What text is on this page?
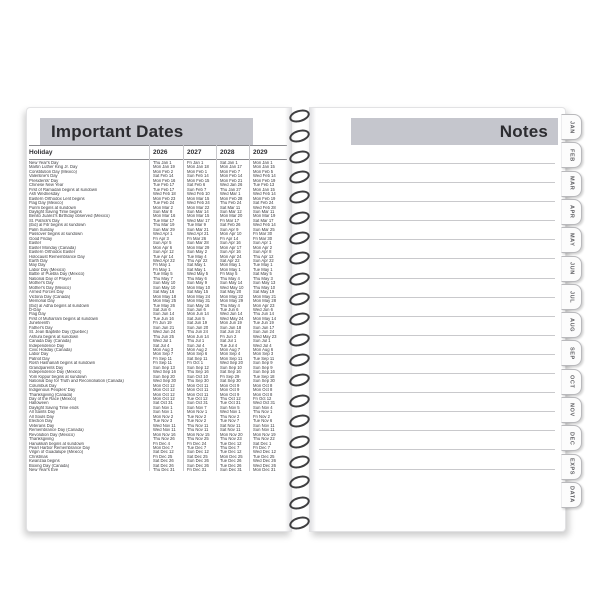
Important Dates
Holiday	2026	2027	2028	2029
New Year's Day	Thu Jan 1	Fri Jan 1	Sat Jan 1	Mon Jan 1
Martin Luther King Jr. Day	Mon Jan 19	Mon Jan 18	Mon Jan 17	Mon Jan 15
Constitution Day (Mexico)	Mon Feb 2	Mon Feb 1	Mon Feb 7	Mon Feb 5
Valentine's Day	Sat Feb 14	Sun Feb 14	Mon Feb 14	Wed Feb 14
Presidents' Day	Mon Feb 16	Mon Feb 15	Mon Feb 21	Mon Feb 19
Chinese New Year	Tue Feb 17	Sat Feb 6	Wed Jan 26	Tue Feb 13
First of Ramadan begins at sundown	Tue Feb 17	Sun Feb 7	Thu Jan 27	Mon Jan 15
Ash Wednesday	Wed Feb 18	Wed Feb 10	Wed Mar 1	Wed Feb 14
Eastern Orthodox Lent begins	Mon Feb 23	Mon Mar 15	Mon Feb 28	Mon Feb 19
Flag Day (Mexico)	Tue Feb 24	Wed Feb 24	Thu Feb 24	Sat Feb 24
Purim begins at sundown	Mon Mar 2	Mon Mar 22	Sat Mar 11	Wed Feb 28
Daylight Saving Time begins	Sun Mar 8	Sun Mar 14	Sun Mar 12	Sun Mar 11
Benito Juárez's Birthday observed (Mexico)	Mon Mar 16	Mon Mar 15	Mon Mar 20	Mon Mar 19
St. Patrick's Day	Tue Mar 17	Wed Mar 17	Fri Mar 17	Sat Mar 17
(Eid) al Fitr begins at sundown	Thu Mar 19	Tue Mar 9	Sat Feb 26	Wed Feb 14
Palm Sunday	Sun Mar 29	Sun Mar 21	Sun Apr 9	Sun Mar 25
Passover begins at sundown	Wed Apr 1	Wed Apr 21	Mon Apr 10	Fri Mar 30
Good Friday	Fri Apr 3	Fri Mar 26	Fri Apr 14	Fri Mar 30
Easter	Sun Apr 5	Sun Mar 28	Sun Apr 16	Sun Apr 1
Easter Monday (Canada)	Mon Apr 6	Mon Mar 29	Mon Apr 17	Mon Apr 2
Eastern Orthodox Easter	Sun Apr 12	Sun May 2	Sun Apr 16	Sun Apr 8
Holocaust Remembrance Day	Tue Apr 14	Tue May 4	Mon Apr 24	Thu Apr 12
Earth Day	Wed Apr 22	Thu Apr 22	Sat Apr 22	Sun Apr 22
May Day	Fri May 1	Sat May 1	Mon May 1	Tue May 1
Labor Day (Mexico)	Fri May 1	Sat May 1	Mon May 1	Tue May 1
Battle of Puebla Day (Mexico)	Tue May 5	Wed May 5	Fri May 5	Sat May 5
National Day of Prayer	Thu May 7	Thu May 6	Thu May 4	Thu May 3
Mother's Day	Sun May 10	Sun May 9	Sun May 14	Sun May 13
Mother's Day (Mexico)	Sun May 10	Mon May 10	Wed May 10	Thu May 10
Armed Forces Day	Sat May 16	Sat May 15	Sat May 20	Sat May 19
Victoria Day (Canada)	Mon May 18	Mon May 24	Mon May 22	Mon May 21
Memorial Day	Mon May 25	Mon May 31	Mon May 29	Mon May 28
(Eid) al Adha begins at sundown	Tue May 26	Sun May 16	Thu May 4	Mon Apr 23
D-Day	Sat Jun 6	Sun Jun 6	Tue Jun 6	Wed Jun 6
Flag Day	Sun Jun 14	Mon Jun 14	Wed Jun 14	Thu Jun 14
First of Muharram begins at sundown	Tue Jun 16	Sat Jun 5	Wed May 24	Mon May 14
Juneteenth	Fri Jun 19	Sat Jun 19	Mon Jun 19	Tue Jun 19
Father's Day	Sun Jun 21	Sun Jun 20	Sun Jun 18	Sun Jun 17
St. Jean Baptiste Day (Quebec)	Wed Jun 24	Thu Jun 24	Sat Jun 24	Sun Jun 24
Ashura begins at sundown	Thu Jun 25	Mon Jun 14	Fri Jun 2	Wed May 23
Canada Day (Canada)	Wed Jul 1	Thu Jul 1	Sat Jul 1	Sun Jul 1
Independence Day	Sat Jul 4	Sun Jul 4	Tue Jul 4	Wed Jul 4
Civic Holiday (Canada)	Mon Aug 3	Mon Aug 2	Mon Aug 7	Mon Aug 6
Labor Day	Mon Sep 7	Mon Sep 6	Mon Sep 4	Mon Sep 3
Patriot Day	Fri Sep 11	Sat Sep 11	Mon Sep 11	Tue Sep 11
Rosh Hashanah begins at sundown	Fri Sep 11	Fri Oct 1	Wed Sep 20	Sun Sep 9
Grandparents Day	Sun Sep 13	Sun Sep 12	Sun Sep 10	Sun Sep 9
Independence Day (Mexico)	Wed Sep 16	Thu Sep 16	Sat Sep 16	Sun Sep 16
Yom Kippur begins at sundown	Sun Sep 20	Sun Oct 10	Fri Sep 29	Tue Sep 18
National Day for Truth and Reconciliation (Canada)	Wed Sep 30	Thu Sep 30	Sat Sep 30	Sun Sep 30
Columbus Day	Mon Oct 12	Mon Oct 11	Mon Oct 9	Mon Oct 8
Indigenous Peoples' Day	Mon Oct 12	Mon Oct 11	Mon Oct 9	Mon Oct 8
Thanksgiving (Canada)	Mon Oct 12	Mon Oct 11	Mon Oct 9	Mon Oct 8
Day of the Race (Mexico)	Mon Oct 12	Tue Oct 12	Thu Oct 12	Fri Oct 12
Halloween	Sat Oct 31	Sun Oct 31	Tue Oct 31	Wed Oct 31
Daylight Saving Time ends	Sun Nov 1	Sun Nov 7	Sun Nov 5	Sun Nov 4
All Saints Day	Sun Nov 1	Mon Nov 1	Wed Nov 1	Thu Nov 1
All Souls Day	Mon Nov 2	Tue Nov 2	Thu Nov 2	Fri Nov 2
Election Day	Tue Nov 3	Tue Nov 2	Tue Nov 7	Tue Nov 6
Veterans Day	Wed Nov 11	Thu Nov 11	Sat Nov 11	Sun Nov 11
Remembrance Day (Canada)	Wed Nov 11	Thu Nov 11	Sat Nov 11	Sun Nov 11
Revolution Day (Mexico)	Mon Nov 16	Mon Nov 15	Mon Nov 20	Mon Nov 19
Thanksgiving	Thu Nov 26	Thu Nov 25	Thu Nov 23	Thu Nov 22
Hanukkah begins at sundown	Fri Dec 4	Fri Dec 24	Tue Dec 12	Sat Dec 1
Pearl Harbor Remembrance Day	Mon Dec 7	Tue Dec 7	Thu Dec 7	Fri Dec 7
Virgin of Guadalupe (Mexico)	Sat Dec 12	Sun Dec 12	Tue Dec 12	Wed Dec 12
Christmas	Fri Dec 25	Sat Dec 25	Mon Dec 25	Tue Dec 25
Kwanzaa begins	Sat Dec 26	Sun Dec 26	Tue Dec 26	Wed Dec 26
Boxing Day (Canada)	Sat Dec 26	Sun Dec 26	Tue Dec 26	Wed Dec 26
New Year's Eve	Thu Dec 31	Fri Dec 31	Sun Dec 31	Mon Dec 31
Notes	JAN
FEB
MAR
APR
MAY
JUN
JUL
AUG
SEP
OCT
NOV
DEC
EXPS
DATA
